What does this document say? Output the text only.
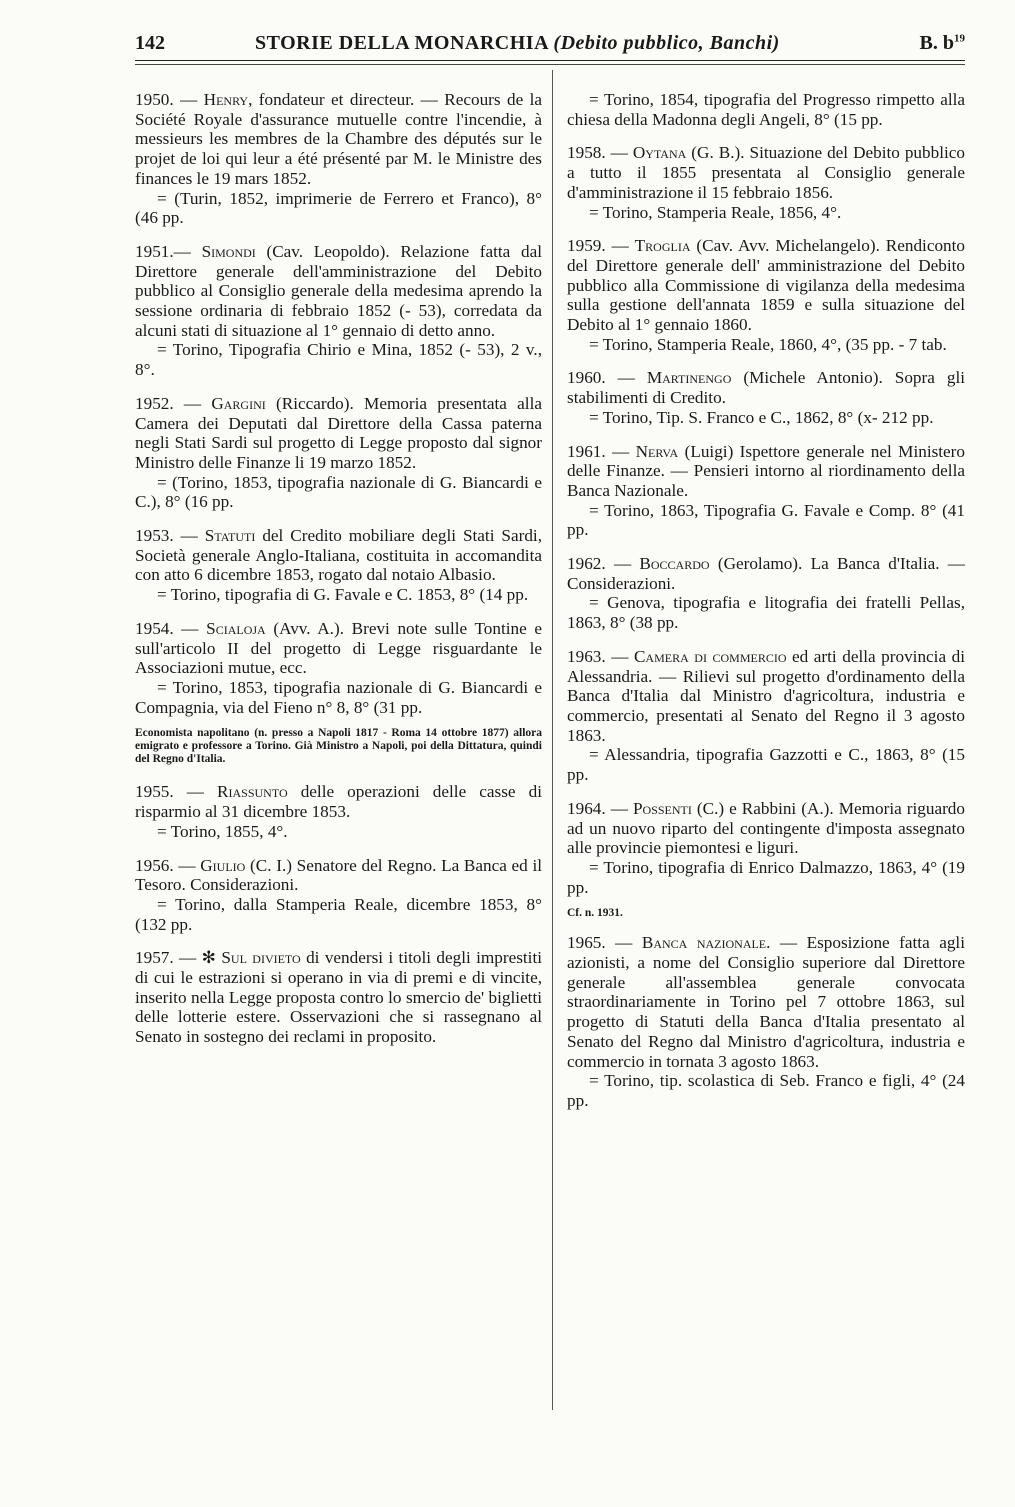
142	STORIE DELLA MONARCHIA (Debito pubblico, Banchi)	B. $b^{19}$

1950. — Henry, fondateur et directeur. — Recours de la Société Royale d'assurance mutuelle contre l'incendie, à messieurs les membres de la Chambre des députés sur le projet de loi qui leur a été présenté par M. le Ministre des finances le 19 mars 1852.

= (Turin, 1852, imprimerie de Ferrero et Franco), 8° (46 pp.

1951.— Simondi (Cav. Leopoldo). Relazione fatta dal Direttore generale dell'amministrazione del Debito pubblico al Consiglio generale della medesima aprendo la sessione ordinaria di febbraio 1852 (- 53), corredata da alcuni stati di situazione al 1° gennaio di detto anno.

= Torino, Tipografia Chirio e Mina, 1852 (- 53), 2 v., 8°.

1952. — Gargini (Riccardo). Memoria presentata alla Camera dei Deputati dal Direttore della Cassa paterna negli Stati Sardi sul progetto di Legge proposto dal signor Ministro delle Finanze li 19 marzo 1852.

= (Torino, 1853, tipografia nazionale di G. Biancardi e C.), 8° (16 pp.

1953. — Statuti del Credito mobiliare degli Stati Sardi, Società generale Anglo-Italiana, costituita in accomandita con atto 6 dicembre 1853, rogato dal notaio Albasio.

= Torino, tipografia di G. Favale e C. 1853, 8° (14 pp.

1954. — Scialoja (Avv. A.). Brevi note sulle Tontine e sull'articolo II del progetto di Legge risguardante le Associazioni mutue, ecc.

= Torino, 1853, tipografia nazionale di G. Biancardi e Compagnia, via del Fieno n° 8, 8° (31 pp.

Economista napolitano (n. presso a Napoli 1817 - Roma 14 ottobre 1877) allora emigrato e professore a Torino. Già Ministro a Napoli, poi della Dittatura, quindi del Regno d'Italia.

1955. — Riassunto delle operazioni delle casse di risparmio al 31 dicembre 1853.

= Torino, 1855, 4°.

1956. — Giulio (C. I.) Senatore del Regno. La Banca ed il Tesoro. Considerazioni.

= Torino, dalla Stamperia Reale, dicembre 1853, 8° (132 pp.

1957. — ✻ Sul divieto di vendersi i titoli degli imprestiti di cui le estrazioni si operano in via di premi e di vincite, inserito nella Legge proposta contro lo smercio de' biglietti delle lotterie estere. Osservazioni che si rassegnano al Senato in sostegno dei reclami in proposito.

= Torino, 1854, tipografia del Progresso rimpetto alla chiesa della Madonna degli Angeli, 8° (15 pp.

1958. — Oytana (G. B.). Situazione del Debito pubblico a tutto il 1855 presentata al Consiglio generale d'amministrazione il 15 febbraio 1856.

= Torino, Stamperia Reale, 1856, 4°.

1959. — Troglia (Cav. Avv. Michelangelo). Rendiconto del Direttore generale dell' amministrazione del Debito pubblico alla Commissione di vigilanza della medesima sulla gestione dell'annata 1859 e sulla situazione del Debito al 1° gennaio 1860.

= Torino, Stamperia Reale, 1860, 4°, (35 pp. - 7 tab.

1960. — Martinengo (Michele Antonio). Sopra gli stabilimenti di Credito.

= Torino, Tip. S. Franco e C., 1862, 8° (x- 212 pp.

1961. — Nerva (Luigi) Ispettore generale nel Ministero delle Finanze. — Pensieri intorno al riordinamento della Banca Nazionale.

= Torino, 1863, Tipografia G. Favale e Comp. 8° (41 pp.

1962. — Boccardo (Gerolamo). La Banca d'Italia. — Considerazioni.

= Genova, tipografia e litografia dei fratelli Pellas, 1863, 8° (38 pp.

1963. — Camera di commercio ed arti della provincia di Alessandria. — Rilievi sul progetto d'ordinamento della Banca d'Italia dal Ministro d'agricoltura, industria e commercio, presentati al Senato del Regno il 3 agosto 1863.

= Alessandria, tipografia Gazzotti e C., 1863, 8° (15 pp.

1964. — Possenti (C.) e Rabbini (A.). Memoria riguardo ad un nuovo riparto del contingente d'imposta assegnato alle provincie piemontesi e liguri.

= Torino, tipografia di Enrico Dalmazzo, 1863, 4° (19 pp.

Cf. n. 1931.

1965. — Banca nazionale. — Esposizione fatta agli azionisti, a nome del Consiglio superiore dal Direttore generale all'assemblea generale convocata straordinariamente in Torino pel 7 ottobre 1863, sul progetto di Statuti della Banca d'Italia presentato al Senato del Regno dal Ministro d'agricoltura, industria e commercio in tornata 3 agosto 1863.

= Torino, tip. scolastica di Seb. Franco e figli, 4° (24 pp.
